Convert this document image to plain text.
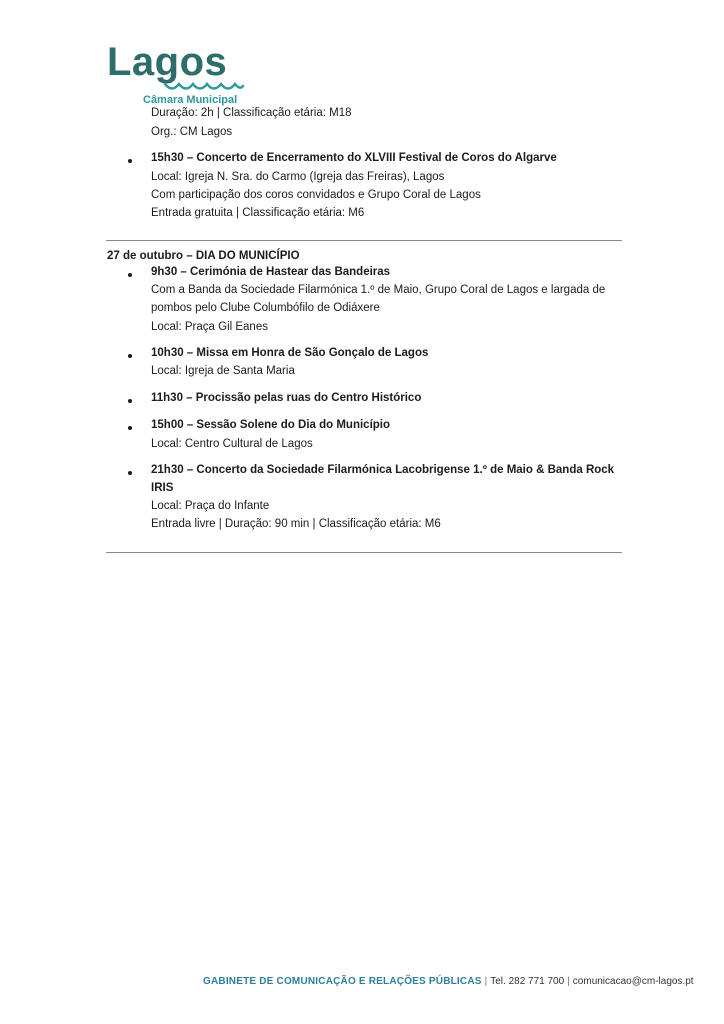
Lagos
Câmara Municipal
Duração: 2h | Classificação etária: M18
Org.: CM Lagos
15h30 – Concerto de Encerramento do XLVIII Festival de Coros do Algarve
Local: Igreja N. Sra. do Carmo (Igreja das Freiras), Lagos
Com participação dos coros convidados e Grupo Coral de Lagos
Entrada gratuita | Classificação etária: M6
27 de outubro – DIA DO MUNICÍPIO
9h30 – Cerimónia de Hastear das Bandeiras
Com a Banda da Sociedade Filarmónica 1.º de Maio, Grupo Coral de Lagos e largada de
pombos pelo Clube Columbófilo de Odiáxere
Local: Praça Gil Eanes
10h30 – Missa em Honra de São Gonçalo de Lagos
Local: Igreja de Santa Maria
11h30 – Procissão pelas ruas do Centro Histórico
15h00 – Sessão Solene do Dia do Município
Local: Centro Cultural de Lagos
21h30 – Concerto da Sociedade Filarmónica Lacobrigense 1.º de Maio & Banda Rock
IRIS
Local: Praça do Infante
Entrada livre | Duração: 90 min | Classificação etária: M6
GABINETE DE COMUNICAÇÃO E RELAÇÕES PÚBLICAS | Tel. 282 771 700 | comunicacao@cm-lagos.pt
